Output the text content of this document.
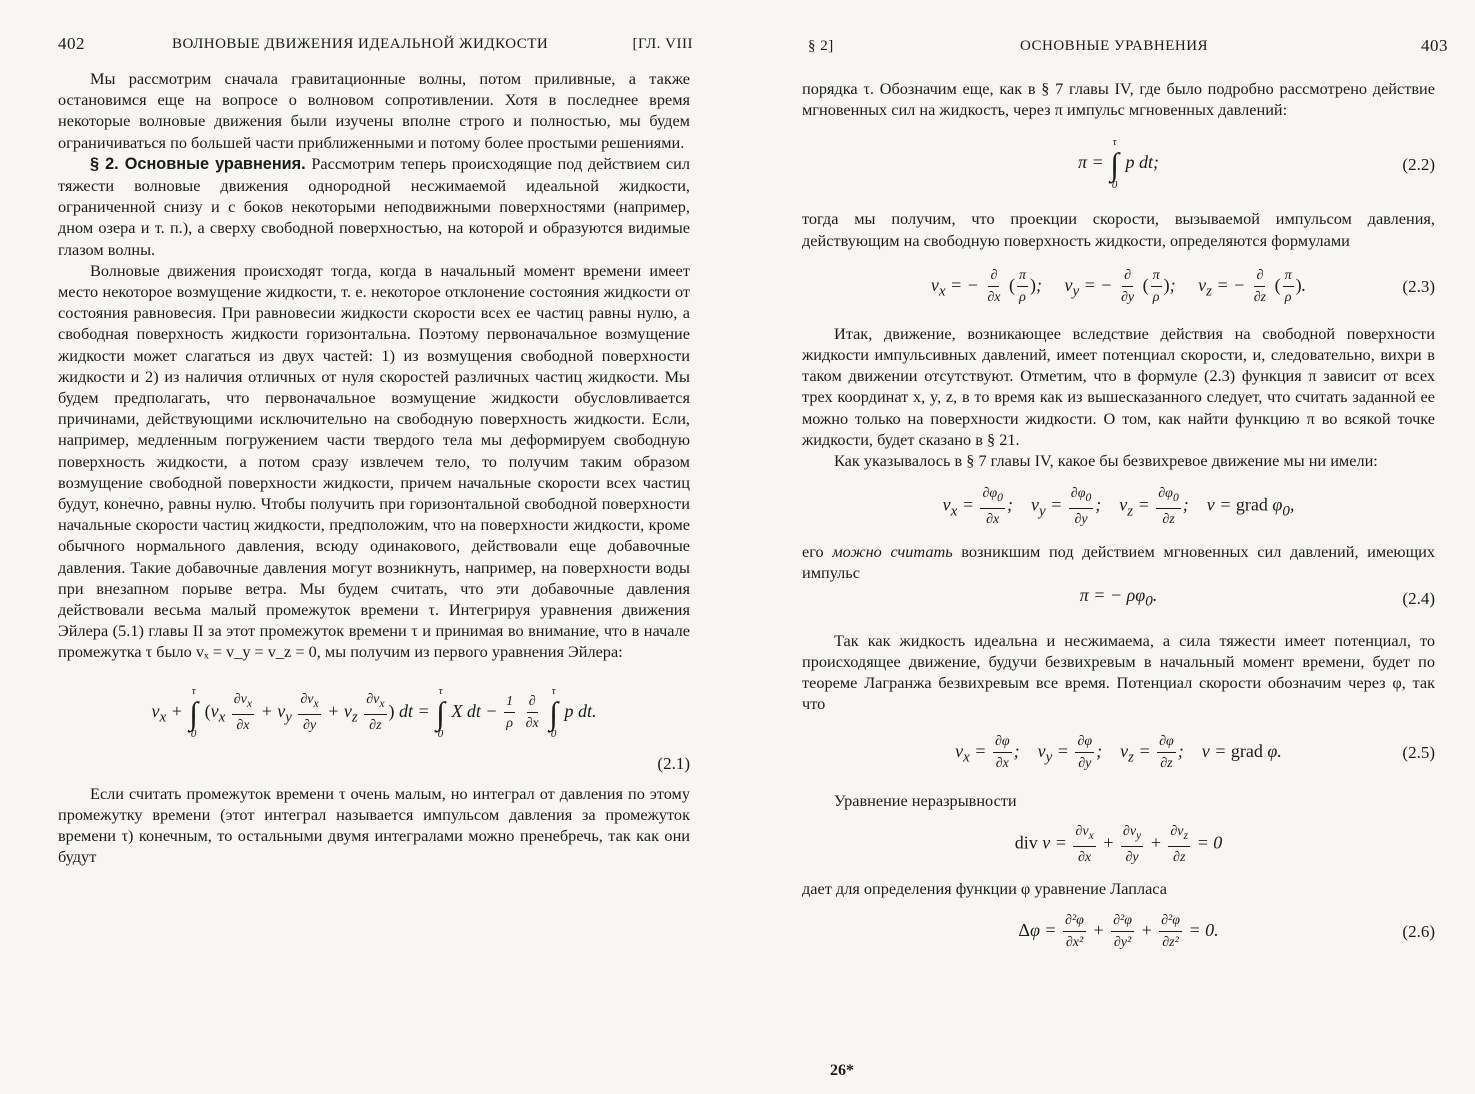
402	ВОЛНОВЫЕ ДВИЖЕНИЯ ИДЕАЛЬНОЙ ЖИДКОСТИ	[ГЛ. VIII

Мы рассмотрим сначала гравитационные волны, потом приливные, а также остановимся еще на вопросе о волновом сопротивлении. Хотя в последнее время некоторые волновые движения были изучены вполне строго и полностью, мы будем ограничиваться по большей части приближенными и потому более простыми решениями.

§ 2. Основные уравнения. Рассмотрим теперь происходящие под действием сил тяжести волновые движения однородной несжимаемой идеальной жидкости, ограниченной снизу и с боков некоторыми неподвижными поверхностями (например, дном озера и т. п.), а сверху свободной поверхностью, на которой и образуются видимые глазом волны.

Волновые движения происходят тогда, когда в начальный момент времени имеет место некоторое возмущение жидкости, т. е. некоторое отклонение состояния жидкости от состояния равновесия. При равновесии жидкости скорости всех ее частиц равны нулю, а свободная поверхность жидкости горизонтальна. Поэтому первоначальное возмущение жидкости может слагаться из двух частей: 1) из возмущения свободной поверхности жидкости и 2) из наличия отличных от нуля скоростей различных частиц жидкости. Мы будем предполагать, что первоначальное возмущение жидкости обусловливается причинами, действующими исключительно на свободную поверхность жидкости. Если, например, медленным погружением части твердого тела мы деформируем свободную поверхность жидкости, а потом сразу извлечем тело, то получим таким образом возмущение свободной поверхности жидкости, причем начальные скорости всех частиц будут, конечно, равны нулю. Чтобы получить при горизонтальной свободной поверхности начальные скорости частиц жидкости, предположим, что на поверхности жидкости, кроме обычного нормального давления, всюду одинакового, действовали еще добавочные давления. Такие добавочные давления могут возникнуть, например, на поверхности воды при внезапном порыве ветра. Мы будем считать, что эти добавочные давления действовали весьма малый промежуток времени τ. Интегрируя уравнения движения Эйлера (5.1) главы II за этот промежуток времени τ и принимая во внимание, что в начале промежутка τ было vₓ = v_y = v_z = 0, мы получим из первого уравнения Эйлера:

$v_x$ +
τ
∫
0
($v_x \frac{\partial v_x}{\partial x} + v_y \frac{\partial v_x}{\partial y} + v_z \frac{\partial v_x}{\partial z}$ ) dt =
τ
∫
0
X dt − $\frac{1}{\rho}$
$\frac{\partial}{\partial x}$

τ
∫
0
p dt.
(2.1)

Если считать промежуток времени τ очень малым, но интеграл от давления по этому промежутку времени (этот интеграл называется импульсом давления за промежуток времени τ) конечным, то остальными двумя интегралами можно пренебречь, так как они будут

§ 2]	ОСНОВНЫЕ УРАВНЕНИЯ	403

порядка τ. Обозначим еще, как в § 7 главы IV, где было подробно рассмотрено действие мгновенных сил на жидкость, через π импульс мгновенных давлений:

π =
τ
∫
0
p dt;	(2.2)

тогда мы получим, что проекции скорости, вызываемой импульсом давления, действующим на свободную поверхность жидкости, определяются формулами

$v_x$ = − $\frac{\partial}{\partial x}$ ( $\frac{\pi}{\rho}$ );     $v_y$ = − $\frac{\partial}{\partial y}$ ( $\frac{\pi}{\rho}$ );     $v_z$ = − $\frac{\partial}{\partial z}$ ( $\frac{\pi}{\rho}$ ).	(2.3)

Итак, движение, возникающее вследствие действия на свободной поверхности жидкости импульсивных давлений, имеет потенциал скорости, и, следовательно, вихри в таком движении отсутствуют. Отметим, что в формуле (2.3) функция π зависит от всех трех координат x, y, z, в то время как из вышесказанного следует, что считать заданной ее можно только на поверхности жидкости. О том, как найти функцию π во всякой точке жидкости, будет сказано в § 21.

Как указывалось в § 7 главы IV, какое бы безвихревое движение мы ни имели:

$v_x = \frac{\partial\varphi_0}{\partial x}$ ;    $v_y = \frac{\partial\varphi_0}{\partial y}$ ;    $v_z = \frac{\partial\varphi_0}{\partial z}$ ;    v = grad $\varphi_0$,

его можно считать возникшим под действием мгновенных сил давлений, имеющих импульс

π = − $\rho\varphi_0$.	(2.4)

Так как жидкость идеальна и несжимаема, а сила тяжести имеет потенциал, то происходящее движение, будучи безвихревым в начальный момент времени, будет по теореме Лагранжа безвихревым все время. Потенциал скорости обозначим через φ, так что

$v_x = \frac{\partial\varphi}{\partial x}$ ;    $v_y = \frac{\partial\varphi}{\partial y}$ ;    $v_z = \frac{\partial\varphi}{\partial z}$ ;    v = grad φ.	(2.5)

Уравнение неразрывности

div $v = \frac{\partial v_x}{\partial x} + \frac{\partial v_y}{\partial y} + \frac{\partial v_z}{\partial z} = 0$

дает для определения функции φ уравнение Лапласа

$\Delta\varphi = \frac{\text{∂²φ}}{\text{∂x²}} + \frac{\text{∂²φ}}{\text{∂y²}} + \frac{\text{∂²φ}}{\text{∂z²}} = 0$.	(2.6)
26*
